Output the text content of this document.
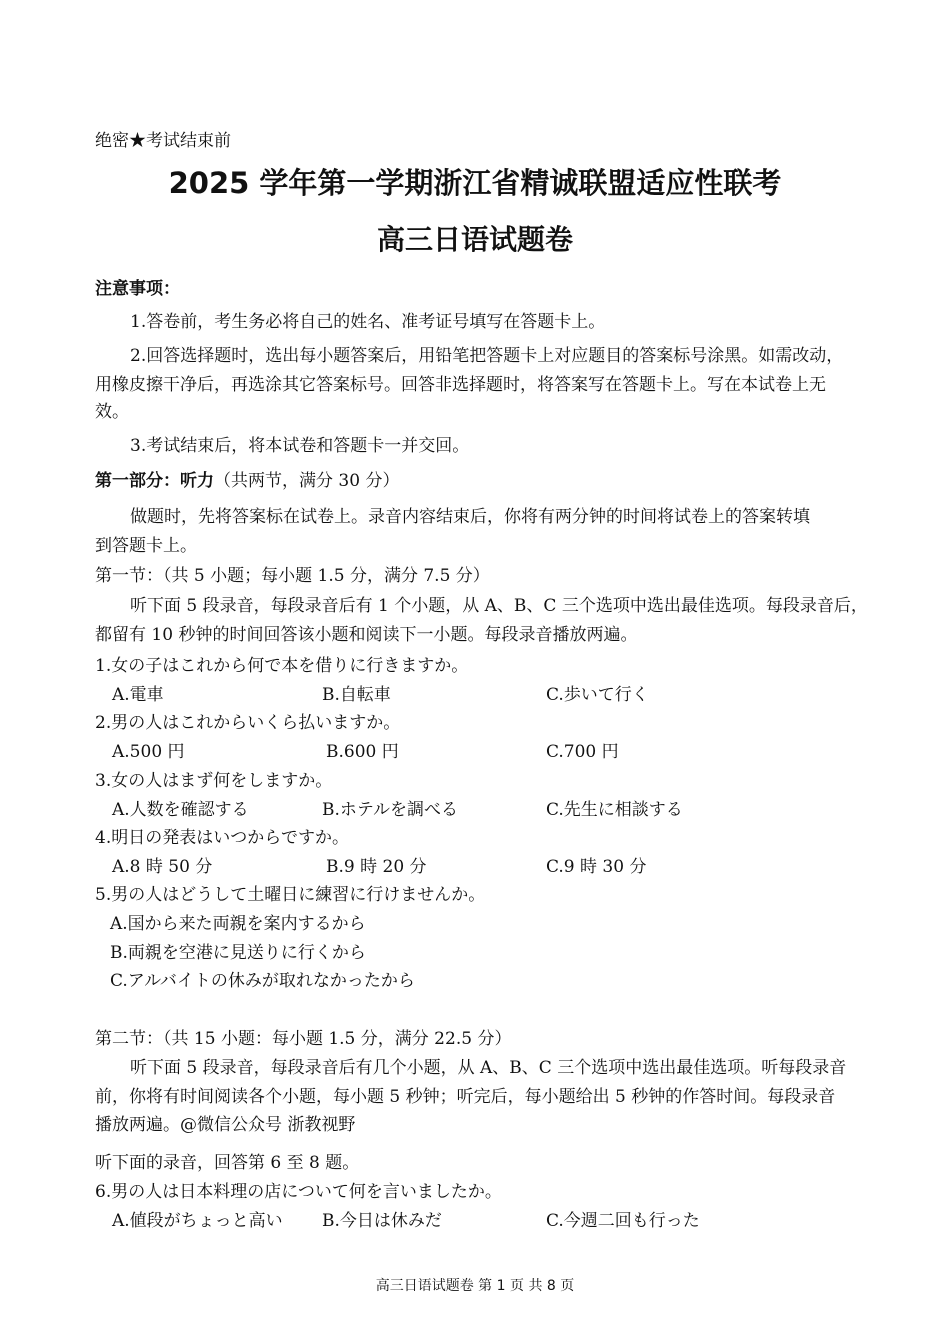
绝密★考试结束前
2025 学年第一学期浙江省精诚联盟适应性联考
高三日语试题卷
注意事项：
1.答卷前，考生务必将自己的姓名、准考证号填写在答题卡上。
2.回答选择题时，选出每小题答案后，用铅笔把答题卡上对应题目的答案标号涂黑。如需改动，
用橡皮擦干净后，再选涂其它答案标号。回答非选择题时，将答案写在答题卡上。写在本试卷上无
效。
3.考试结束后，将本试卷和答题卡一并交回。
第一部分：听力（共两节，满分 30 分）
做题时，先将答案标在试卷上。录音内容结束后，你将有两分钟的时间将试卷上的答案转填
到答题卡上。
第一节：（共 5 小题；每小题 1.5 分，满分 7.5 分）
听下面 5 段录音，每段录音后有 1 个小题，从 A、B、C 三个选项中选出最佳选项。每段录音后，
都留有 10 秒钟的时间回答该小题和阅读下一小题。每段录音播放两遍。
1.女の子はこれから何で本を借りに行きますか。
A.電車	B.自転車	C.歩いて行く
2.男の人はこれからいくら払いますか。
A.500 円	B.600 円	C.700 円
3.女の人はまず何をしますか。
A.人数を確認する	B.ホテルを調べる	C.先生に相談する
4.明日の発表はいつからですか。
A.8 時 50 分	B.9 時 20 分	C.9 時 30 分
5.男の人はどうして土曜日に練習に行けませんか。
A.国から来た両親を案内するから
B.両親を空港に見送りに行くから
C.アルバイトの休みが取れなかったから
第二节：（共 15 小题：每小题 1.5 分，满分 22.5 分）
听下面 5 段录音，每段录音后有几个小题，从 A、B、C 三个选项中选出最佳选项。听每段录音
前，你将有时间阅读各个小题，每小题 5 秒钟；听完后，每小题给出 5 秒钟的作答时间。每段录音
播放两遍。@微信公众号 浙教视野
听下面的录音，回答第 6 至 8 题。
6.男の人は日本料理の店について何を言いましたか。
A.値段がちょっと高い B.今日は休みだ	C.今週二回も行った
高三日语试题卷 第 1 页 共 8 页
